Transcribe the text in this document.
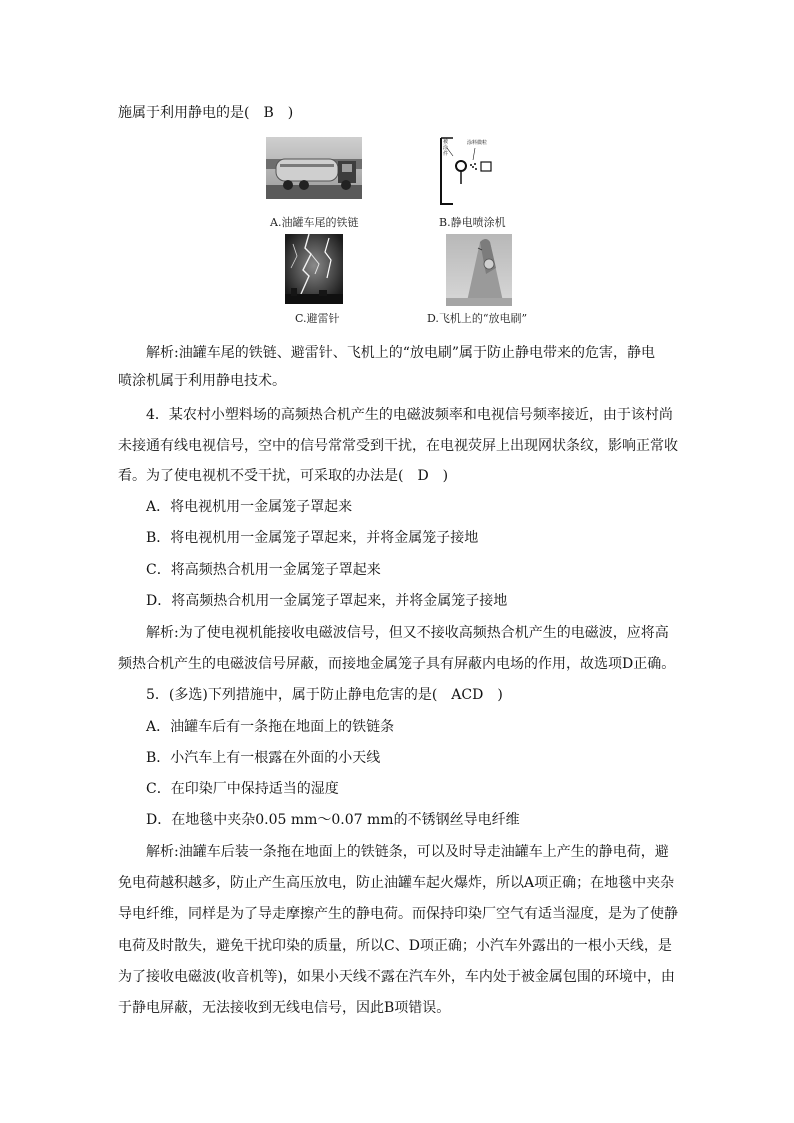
施属于利用静电的是(　B　)
A.油罐车尾的铁链
被涂件
涂料微粒
B.静电喷涂机
C.避雷针	D.飞机上的“放电刷”
解析:油罐车尾的铁链、避雷针、飞机上的“放电刷”属于防止静电带来的危害，静电
喷涂机属于利用静电技术。
4．某农村小塑料场的高频热合机产生的电磁波频率和电视信号频率接近，由于该村尚
未接通有线电视信号，空中的信号常常受到干扰，在电视荧屏上出现网状条纹，影响正常收
看。为了使电视机不受干扰，可采取的办法是(　D　)
A．将电视机用一金属笼子罩起来
B．将电视机用一金属笼子罩起来，并将金属笼子接地
C．将高频热合机用一金属笼子罩起来
D．将高频热合机用一金属笼子罩起来，并将金属笼子接地
解析:为了使电视机能接收电磁波信号，但又不接收高频热合机产生的电磁波，应将高
频热合机产生的电磁波信号屏蔽，而接地金属笼子具有屏蔽内电场的作用，故选项D正确。
5．(多选)下列措施中，属于防止静电危害的是(　ACD　)
A．油罐车后有一条拖在地面上的铁链条
B．小汽车上有一根露在外面的小天线
C．在印染厂中保持适当的湿度
D．在地毯中夹杂0.05 mm～0.07 mm的不锈钢丝导电纤维
解析:油罐车后装一条拖在地面上的铁链条，可以及时导走油罐车上产生的静电荷，避
免电荷越积越多，防止产生高压放电，防止油罐车起火爆炸，所以A项正确；在地毯中夹杂
导电纤维，同样是为了导走摩擦产生的静电荷。而保持印染厂空气有适当湿度，是为了使静
电荷及时散失，避免干扰印染的质量，所以C、D项正确；小汽车外露出的一根小天线，是
为了接收电磁波(收音机等)，如果小天线不露在汽车外，车内处于被金属包围的环境中，由
于静电屏蔽，无法接收到无线电信号，因此B项错误。
